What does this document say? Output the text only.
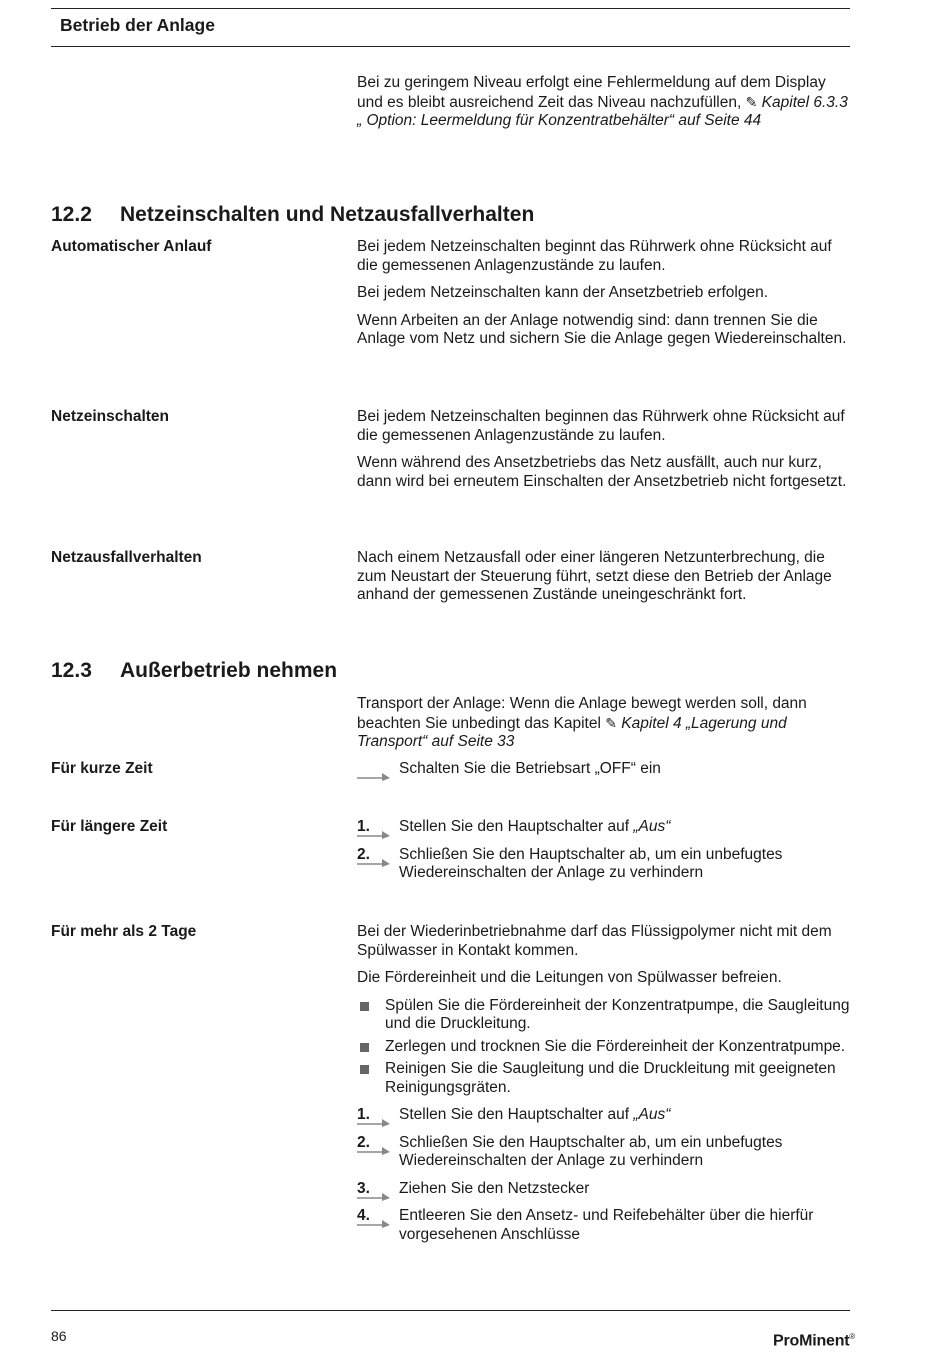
Betrieb der Anlage
Bei zu geringem Niveau erfolgt eine Fehlermeldung auf dem Display und es bleibt ausreichend Zeit das Niveau nachzufüllen, ✎ Kapitel 6.3.3 „ Option: Leermeldung für Konzentratbehälter“ auf Seite 44
12.2 Netzeinschalten und Netzausfallverhalten
Automatischer Anlauf	Bei jedem Netzeinschalten beginnt das Rührwerk ohne Rücksicht auf die gemessenen Anlagenzustände zu laufen.

Bei jedem Netzeinschalten kann der Ansetzbetrieb erfolgen.

Wenn Arbeiten an der Anlage notwendig sind: dann trennen Sie die Anlage vom Netz und sichern Sie die Anlage gegen Wiedereinschalten.

Netzeinschalten	Bei jedem Netzeinschalten beginnen das Rührwerk ohne Rücksicht auf die gemessenen Anlagenzustände zu laufen.

Wenn während des Ansetzbetriebs das Netz ausfällt, auch nur kurz, dann wird bei erneutem Einschalten der Ansetzbetrieb nicht fortgesetzt.

Netzausfallverhalten	Nach einem Netzausfall oder einer längeren Netzunterbrechung, die zum Neustart der Steuerung führt, setzt diese den Betrieb der Anlage anhand der gemessenen Zustände uneingeschränkt fort.

12.3 Außerbetrieb nehmen
Transport der Anlage: Wenn die Anlage bewegt werden soll, dann beachten Sie unbedingt das Kapitel ✎ Kapitel 4 „Lagerung und Transport“ auf Seite 33
Für kurze Zeit	Schalten Sie die Betriebsart „OFF“ ein
Für längere Zeit	1.	Stellen Sie den Hauptschalter auf „Aus“
2.	Schließen Sie den Hauptschalter ab, um ein unbefugtes Wiedereinschalten der Anlage zu verhindern
Für mehr als 2 Tage	Bei der Wiederinbetriebnahme darf das Flüssigpolymer nicht mit dem Spülwasser in Kontakt kommen.

Die Fördereinheit und die Leitungen von Spülwasser befreien.

Spülen Sie die Fördereinheit der Konzentratpumpe, die Saugleitung und die Druckleitung.
Zerlegen und trocknen Sie die Fördereinheit der Konzentratpumpe.
Reinigen Sie die Saugleitung und die Druckleitung mit geeigneten Reinigungsgräten.
1.	Stellen Sie den Hauptschalter auf „Aus“
2.	Schließen Sie den Hauptschalter ab, um ein unbefugtes Wiedereinschalten der Anlage zu verhindern
3.	Ziehen Sie den Netzstecker
4.	Entleeren Sie den Ansetz- und Reifebehälter über die hierfür vorgesehenen Anschlüsse
86	ProMinent®
